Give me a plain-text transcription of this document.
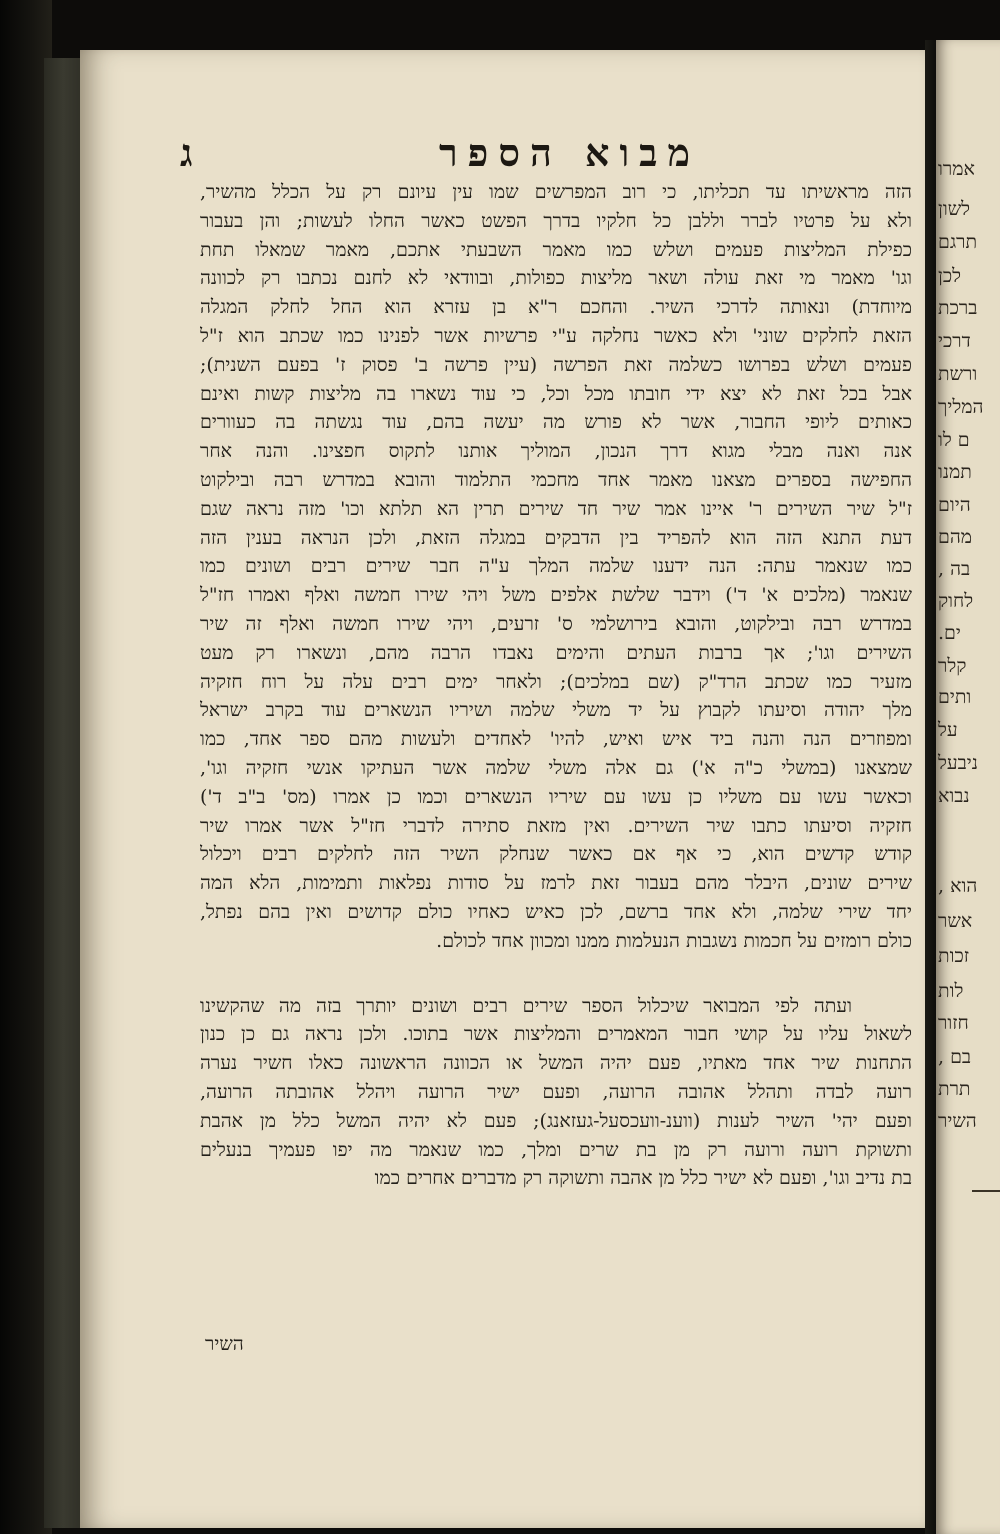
אמרו
לשון
תרגם
לכן
ברכת
דרכי
ורשת
המליך
ם לו
תמנו
היום
מהם
בה ,
לחוק
ים.
קלר
ותים
על
ניבעל
נבוא
הוא ,
אשר
זכות
לות
חזור
בם ,
תרת
השיר
ג	מבוא הספר
הזה מראשיתו עד תכליתו, כי רוב המפרשים שמו עין עיונם רק על הכלל מהשיר,
ולא על פרטיו לברר וללבן כל חלקיו בדרך הפשט כאשר החלו לעשות; והן בעבור
כפילת המליצות פעמים ושלש כמו מאמר השבעתי אתכם, מאמר שמאלו תחת
וגו' מאמר מי זאת עולה ושאר מליצות כפולות, ובוודאי לא לחנם נכתבו רק לכוונה
מיוחדת) ונאותה לדרכי השיר. והחכם ר"א בן עזרא הוא החל לחלק המגלה
הזאת לחלקים שוני' ולא כאשר נחלקה ע"י פרשיות אשר לפנינו כמו שכתב הוא ז"ל
פעמים ושלש בפרושו כשלמה זאת הפרשה (עיין פרשה ב' פסוק ז' בפעם השנית);
אבל בכל זאת לא יצא ידי חובתו מכל וכל, כי עוד נשארו בה מליצות קשות ואינם
כאותים ליופי החבור, אשר לא פורש מה יעשה בהם, עוד נגשתה בה כעוורים
אנה ואנה מבלי מגוא דרך הנכון, המוליך אותנו לתקוס חפצינו. והנה אחר
החפישה בספרים מצאנו מאמר אחד מחכמי התלמוד והובא במדרש רבה ובילקוט
ז"ל שיר השירים ר' איינו אמר שיר חד שירים תרין הא תלתא וכו' מזה נראה שגם
דעת התנא הזה הוא להפריד בין הדבקים במגלה הזאת, ולכן הנראה בענין הזה
כמו שנאמר עתה: הנה ידענו שלמה המלך ע"ה חבר שירים רבים ושונים כמו
שנאמר (מלכים א' ד') וידבר שלשת אלפים משל ויהי שירו חמשה ואלף ואמרו חז"ל
במדרש רבה ובילקוט, והובא בירושלמי ס' זרעים, ויהי שירו חמשה ואלף זה שיר
השירים וגו'; אך ברבות העתים והימים נאבדו הרבה מהם, ונשארו רק מעט
מזעיר כמו שכתב הרד"ק (שם במלכים); ולאחר ימים רבים עלה על רוח חזקיה
מלך יהודה וסיעתו לקבוץ על יד משלי שלמה ושיריו הנשארים עוד בקרב ישראל
ומפוזרים הנה והנה ביד איש ואיש, להיו' לאחדים ולעשות מהם ספר אחד, כמו
שמצאנו (במשלי כ"ה א') גם אלה משלי שלמה אשר העתיקו אנשי חזקיה וגו',
וכאשר עשו עם משליו כן עשו עם שיריו הנשארים וכמו כן אמרו (מס' ב"ב ד')
חזקיה וסיעתו כתבו שיר השירים. ואין מזאת סתירה לדברי חז"ל אשר אמרו שיר
קודש קדשים הוא, כי אף אם כאשר שנחלק השיר הזה לחלקים רבים ויכלול
שירים שונים, היבלר מהם בעבור זאת לרמז על סודות נפלאות ותמימות, הלא המה
יחד שירי שלמה, ולא אחד ברשם, לכן כאיש כאחיו כולם קדושים ואין בהם נפתל,
כולם רומזים על חכמות נשגבות הנעלמות ממנו ומכוון אחד לכולם.
ועתה לפי המבואר שיכלול הספר שירים רבים ושונים יותרך בזה מה שהקשינו
לשאול עליו על קושי חבור המאמרים והמליצות אשר בתוכו. ולכן נראה גם כן כנון
התחנות שיר אחד מאתיו, פעם יהיה המשל או הכוונה הראשונה כאלו חשיר נערה
רועה לבדה ותהלל אהובה הרועה, ופעם ישיר הרועה ויהלל אהובתה הרועה,
ופעם יהי' השיר לענות (ווענ-וועכסעל-געזאנג); פעם לא יהיה המשל כלל מן אהבת
ותשוקת רועה ורועה רק מן בת שרים ומלך, כמו שנאמר מה יפו פעמיך בנעלים
בת נדיב וגו', ופעם לא ישיר כלל מן אהבה ותשוקה רק מדברים אחרים כמו
השיר
